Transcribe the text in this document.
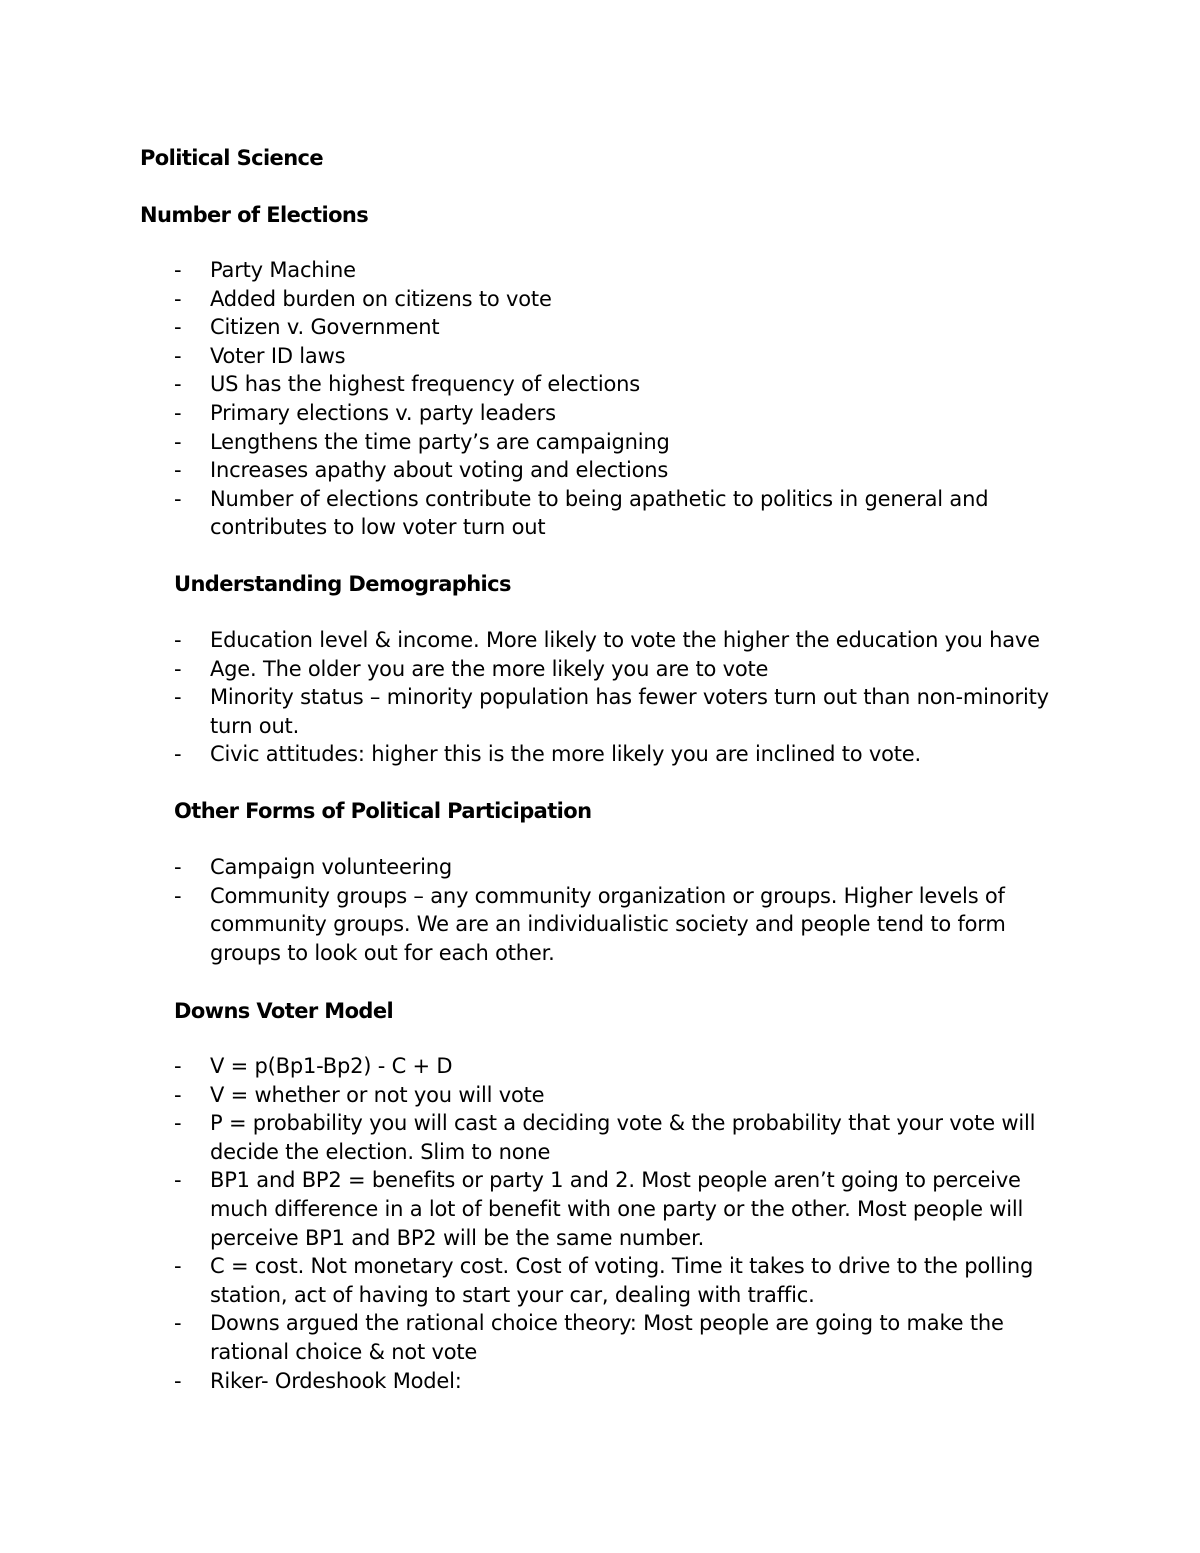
Political Science
Number of Elections
- Party Machine
- Added burden on citizens to vote
- Citizen v. Government
- Voter ID laws
- US has the highest frequency of elections
- Primary elections v. party leaders
- Lengthens the time party’s are campaigning
- Increases apathy about voting and elections
- Number of elections contribute to being apathetic to politics in general and contributes to low voter turn out
Understanding Demographics
- Education level & income. More likely to vote the higher the education you have
- Age. The older you are the more likely you are to vote
- Minority status – minority population has fewer voters turn out than non-minority turn out.
- Civic attitudes: higher this is the more likely you are inclined to vote.
Other Forms of Political Participation
- Campaign volunteering
- Community groups – any community organization or groups. Higher levels of community groups. We are an individualistic society and people tend to form groups to look out for each other.
Downs Voter Model
- V = p(Bp1-Bp2) - C + D
- V = whether or not you will vote
- P = probability you will cast a deciding vote & the probability that your vote will decide the election. Slim to none
- BP1 and BP2 = benefits or party 1 and 2. Most people aren’t going to perceive much difference in a lot of benefit with one party or the other. Most people will perceive BP1 and BP2 will be the same number.
- C = cost. Not monetary cost. Cost of voting. Time it takes to drive to the polling station, act of having to start your car, dealing with traffic.
- Downs argued the rational choice theory: Most people are going to make the rational choice & not vote
- Riker- Ordeshook Model:
